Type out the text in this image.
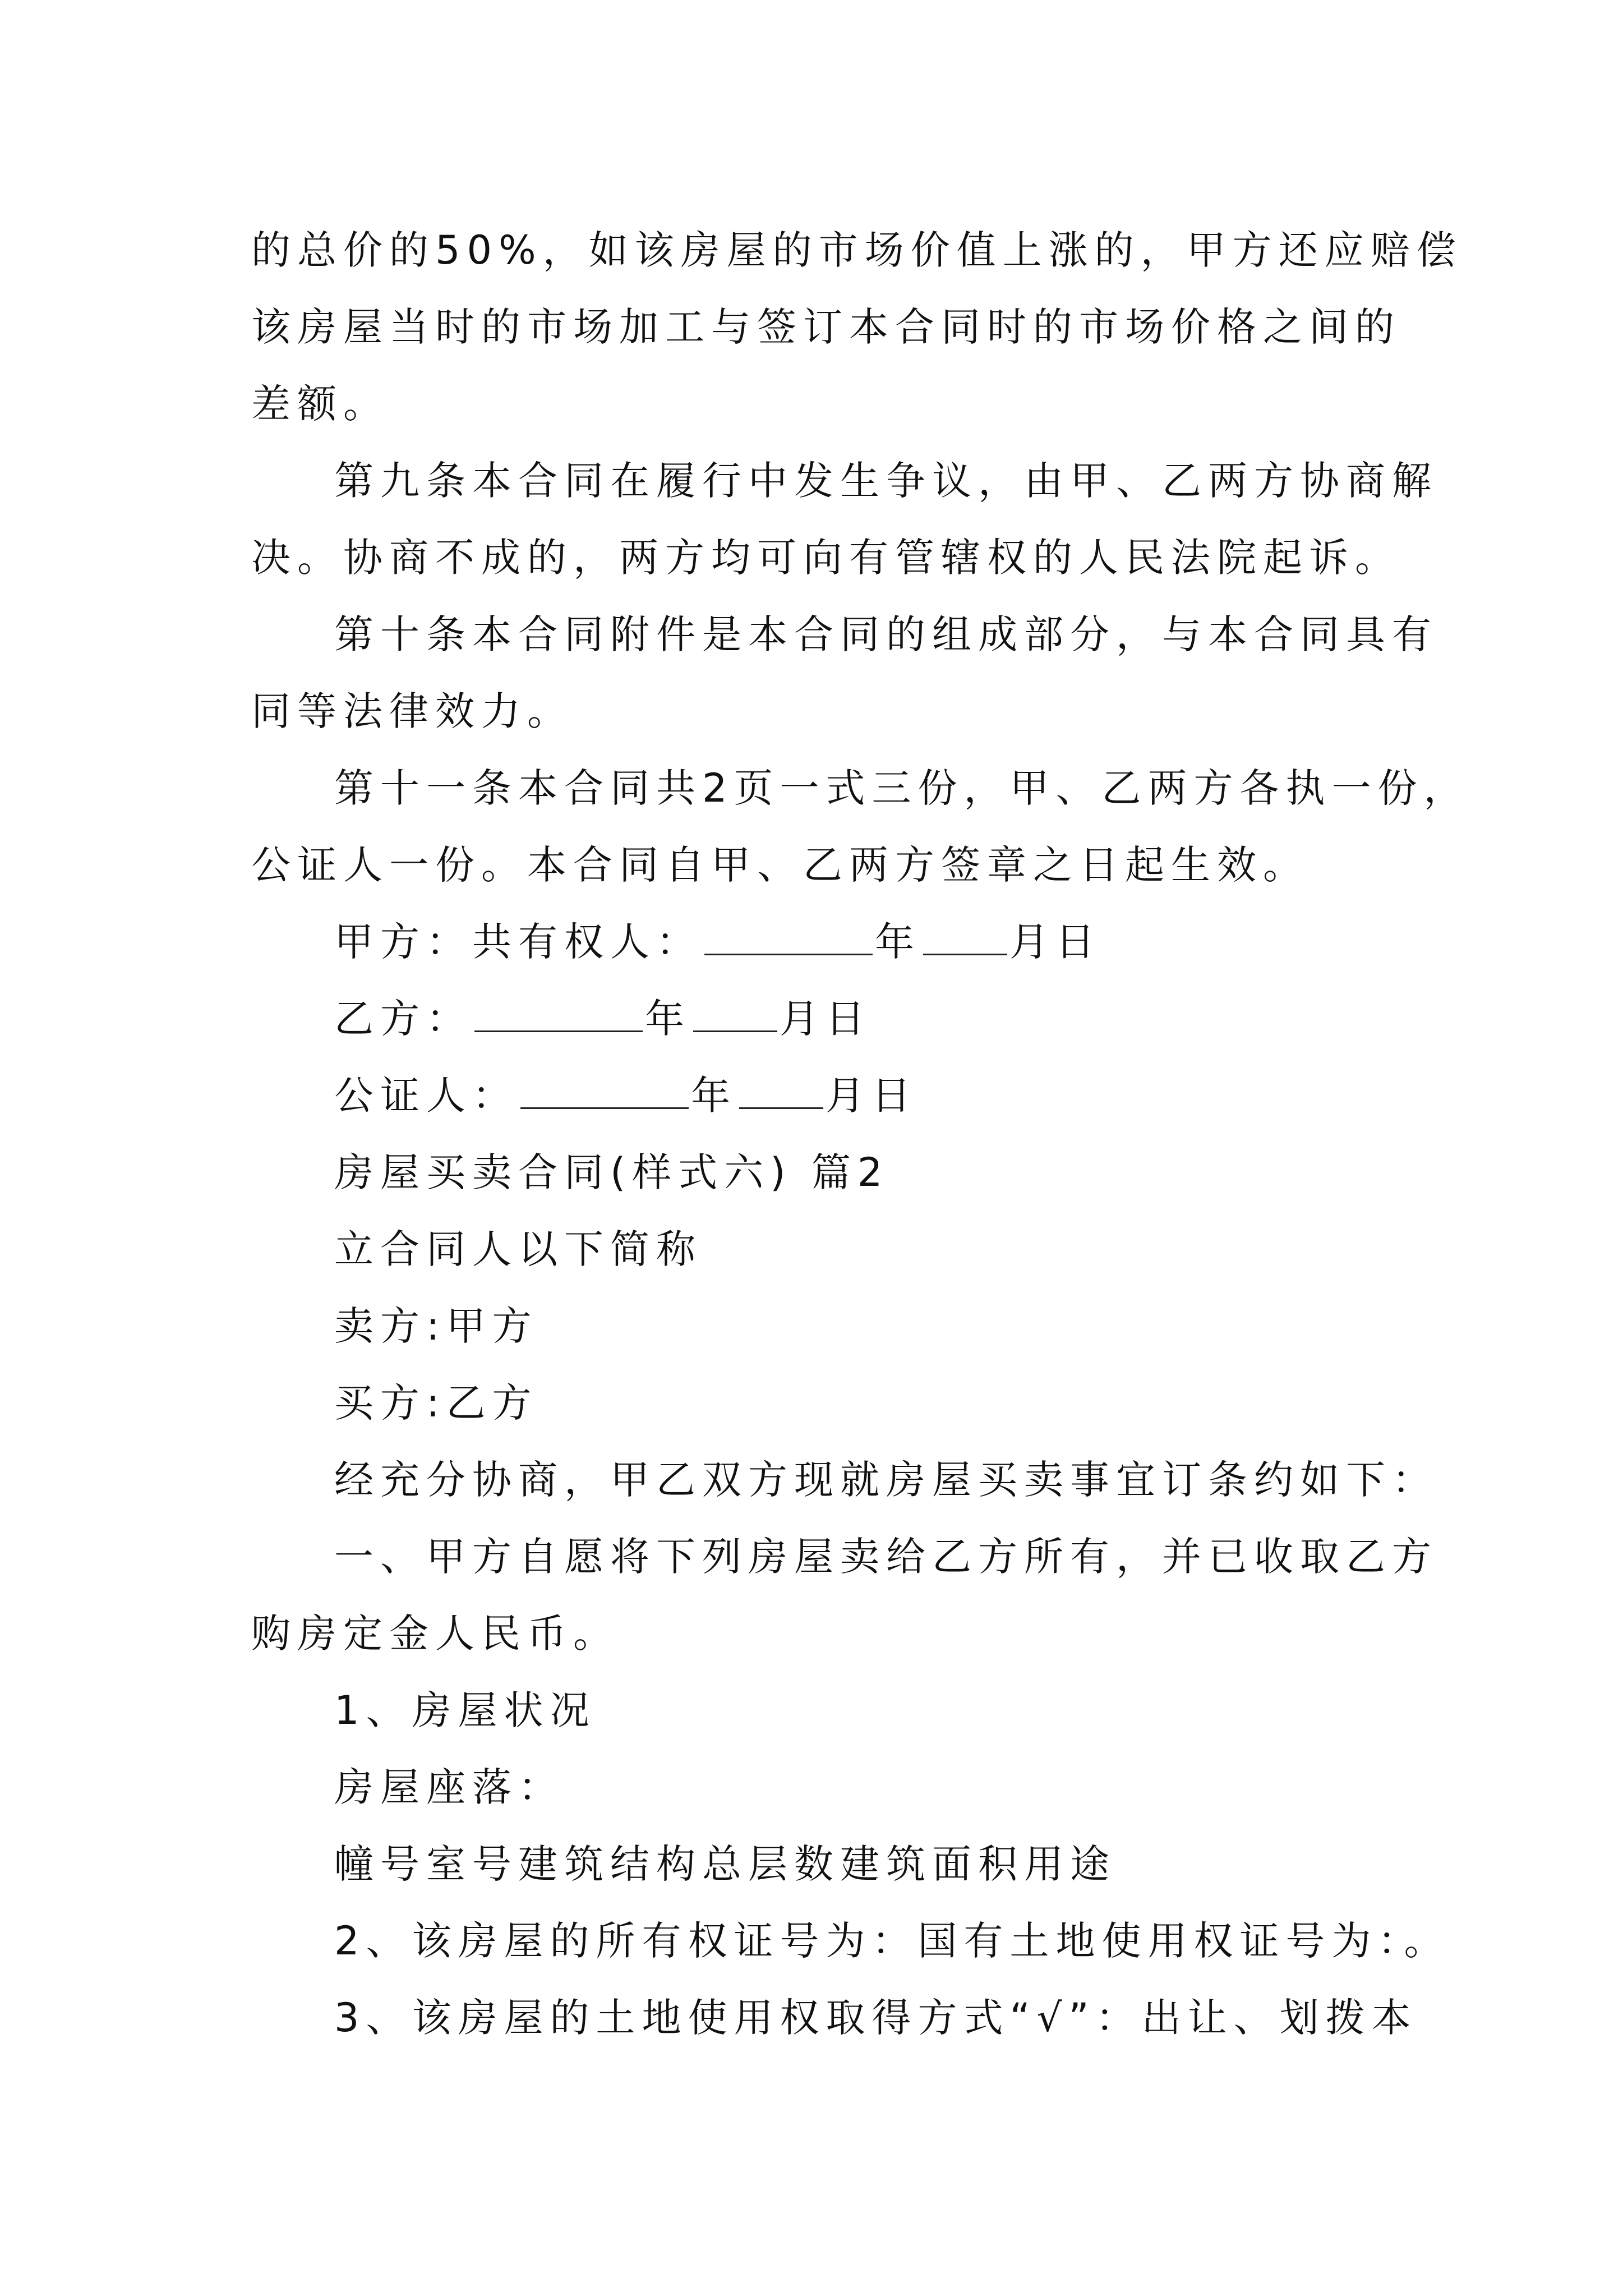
的总价的50%，如该房屋的市场价值上涨的，甲方还应赔偿
该房屋当时的市场加工与签订本合同时的市场价格之间的
差额。
第九条本合同在履行中发生争议，由甲、乙两方协商解
决。协商不成的，两方均可向有管辖权的人民法院起诉。
第十条本合同附件是本合同的组成部分，与本合同具有
同等法律效力。
第十一条本合同共2页一式三份，甲、乙两方各执一份，
公证人一份。本合同自甲、乙两方签章之日起生效。
甲方：共有权人：	年 月日
乙方：	年 月日
公证人：	年 月日
房屋买卖合同(样式六) 篇2
立合同人以下简称
卖方:甲方
买方:乙方
经充分协商，甲乙双方现就房屋买卖事宜订条约如下：
一、甲方自愿将下列房屋卖给乙方所有，并已收取乙方
购房定金人民币。
1、房屋状况
房屋座落：
幢号室号建筑结构总层数建筑面积用途
2、该房屋的所有权证号为：国有土地使用权证号为：。
3、该房屋的土地使用权取得方式“√”：出让、划拨本
